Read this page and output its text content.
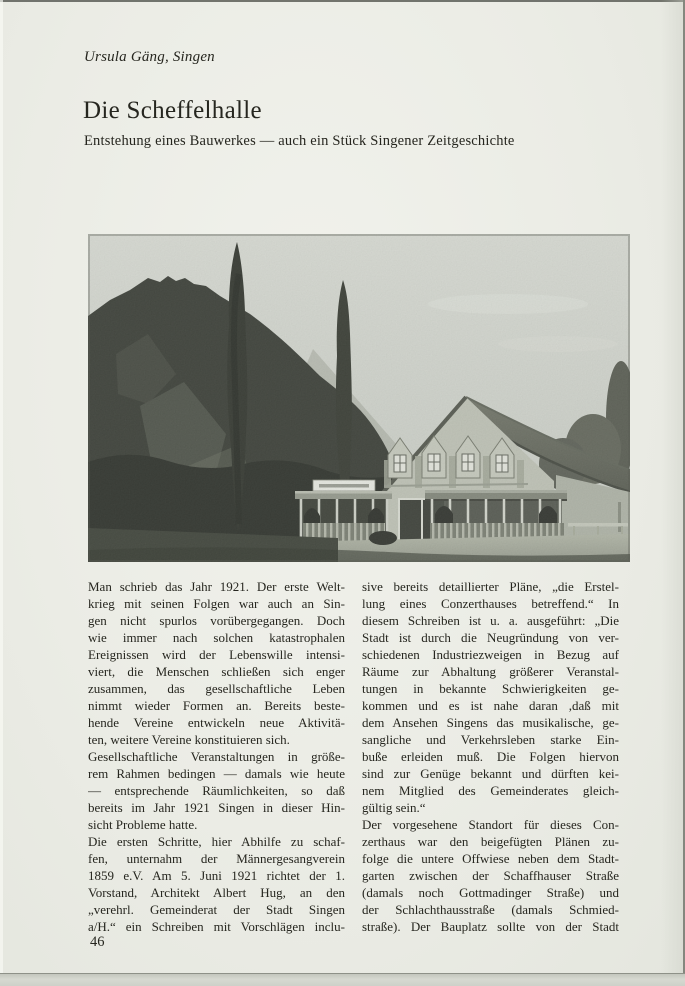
Ursula Gäng, Singen
Die Scheffelhalle
Entstehung eines Bauwerkes — auch ein Stück Singener Zeitgeschichte
Man schrieb das Jahr 1921. Der erste Welt-
krieg mit seinen Folgen war auch an Sin-
gen nicht spurlos vorübergegangen. Doch
wie immer nach solchen katastrophalen
Ereignissen wird der Lebenswille intensi-
viert, die Menschen schließen sich enger
zusammen, das gesellschaftliche Leben
nimmt wieder Formen an. Bereits beste-
hende Vereine entwickeln neue Aktivitä-
ten, weitere Vereine konstituieren sich.
Gesellschaftliche Veranstaltungen in größe-
rem Rahmen bedingen — damals wie heute
— entsprechende Räumlichkeiten, so daß
bereits im Jahr 1921 Singen in dieser Hin-
sicht Probleme hatte.
Die ersten Schritte, hier Abhilfe zu schaf-
fen, unternahm der Männergesangverein
1859 e.V. Am 5. Juni 1921 richtet der 1.
Vorstand, Architekt Albert Hug, an den
„verehrl. Gemeinderat der Stadt Singen
a/H.“ ein Schreiben mit Vorschlägen inclu-
sive bereits detaillierter Pläne, „die Erstel-
lung eines Conzerthauses betreffend.“ In
diesem Schreiben ist u. a. ausgeführt: „Die
Stadt ist durch die Neugründung von ver-
schiedenen Industriezweigen in Bezug auf
Räume zur Abhaltung größerer Veranstal-
tungen in bekannte Schwierigkeiten ge-
kommen und es ist nahe daran ,daß mit
dem Ansehen Singens das musikalische, ge-
sangliche und Verkehrsleben starke Ein-
buße erleiden muß. Die Folgen hiervon
sind zur Genüge bekannt und dürften kei-
nem Mitglied des Gemeinderates gleich-
gültig sein.“
Der vorgesehene Standort für dieses Con-
zerthaus war den beigefügten Plänen zu-
folge die untere Offwiese neben dem Stadt-
garten zwischen der Schaffhauser Straße
(damals noch Gottmadinger Straße) und
der Schlachthausstraße (damals Schmied-
straße). Der Bauplatz sollte von der Stadt
46
